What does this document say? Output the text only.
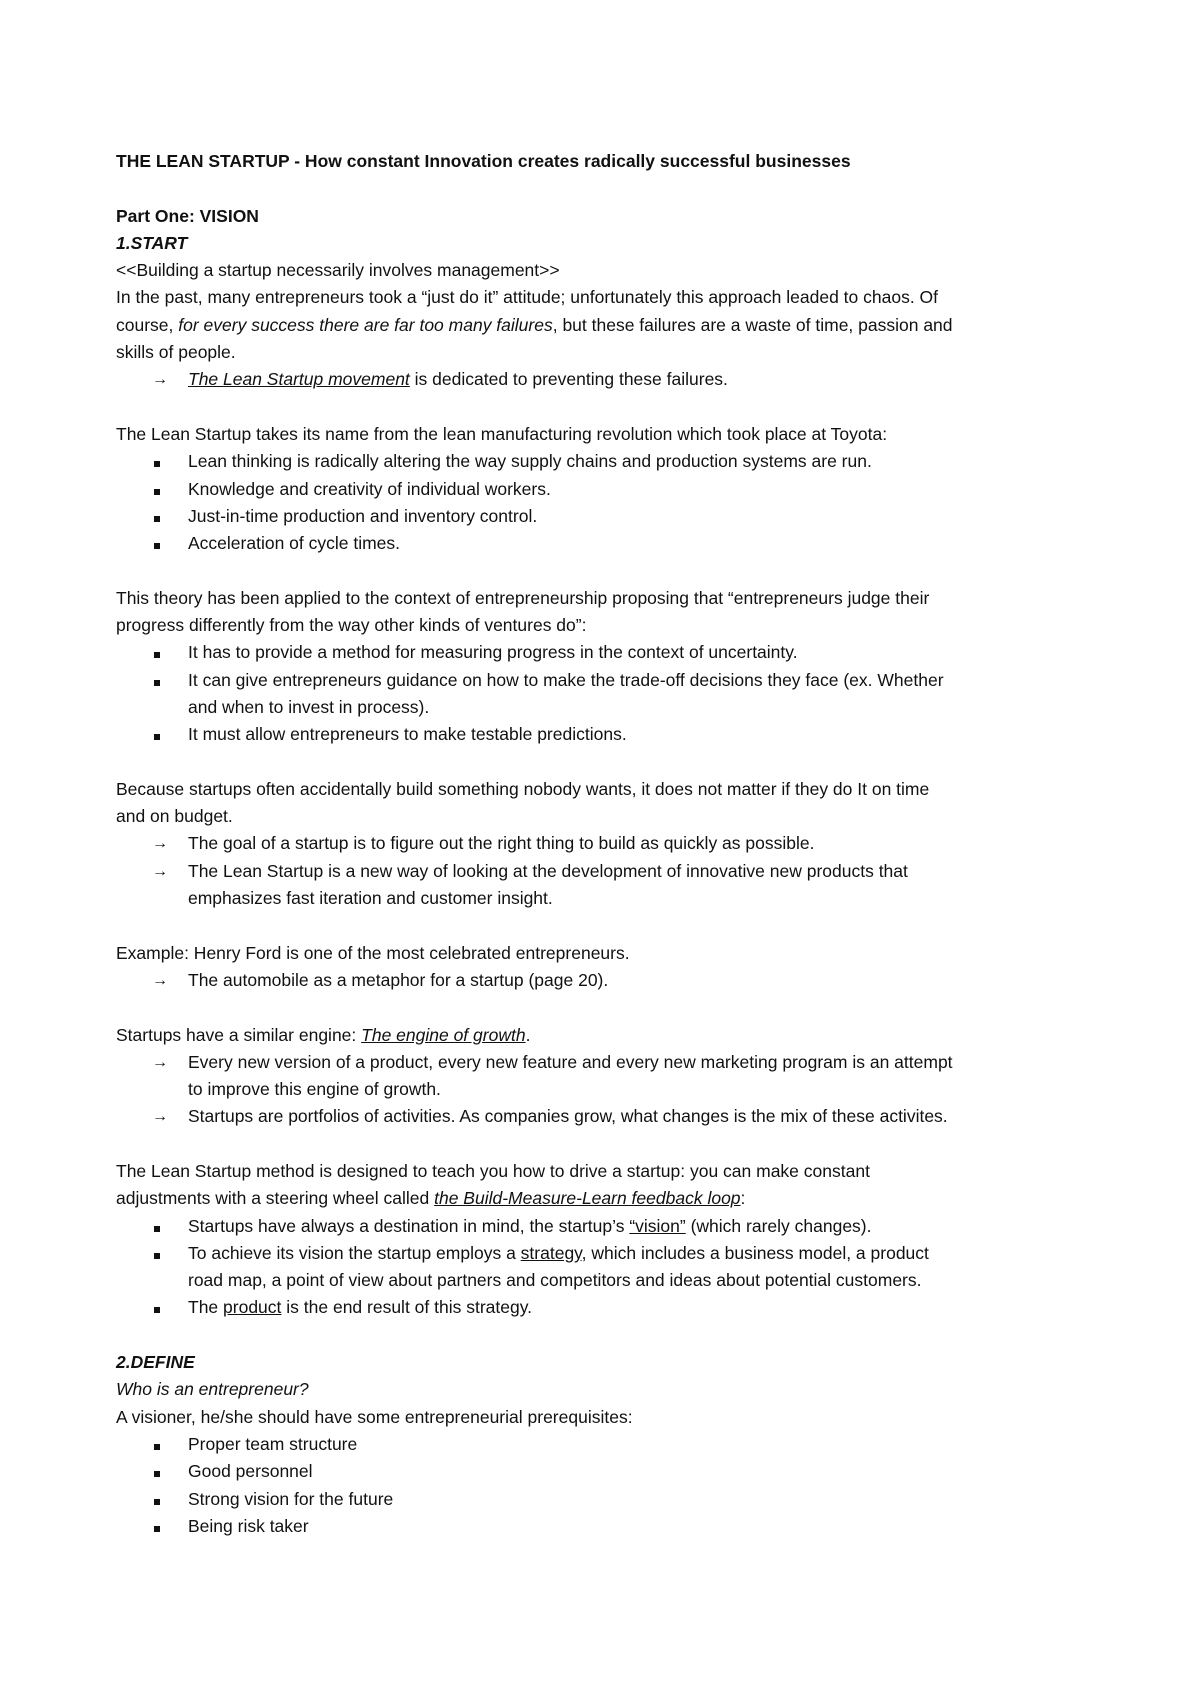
THE LEAN STARTUP - How constant Innovation creates radically successful businesses

Part One: VISION

1.START

<<Building a startup necessarily involves management>>

In the past, many entrepreneurs took a “just do it” attitude; unfortunately this approach leaded to chaos. Of

course, for every success there are far too many failures, but these failures are a waste of time, passion and

skills of people.

→	The Lean Startup movement is dedicated to preventing these failures.

The Lean Startup takes its name from the lean manufacturing revolution which took place at Toyota:

Lean thinking is radically altering the way supply chains and production systems are run.
Knowledge and creativity of individual workers.
Just-in-time production and inventory control.
Acceleration of cycle times.

This theory has been applied to the context of entrepreneurship proposing that “entrepreneurs judge their

progress differently from the way other kinds of ventures do”:

It has to provide a method for measuring progress in the context of uncertainty.
It can give entrepreneurs guidance on how to make the trade-off decisions they face (ex. Whether
and when to invest in process).
It must allow entrepreneurs to make testable predictions.

Because startups often accidentally build something nobody wants, it does not matter if they do It on time

and on budget.

→	The goal of a startup is to figure out the right thing to build as quickly as possible.
→	The Lean Startup is a new way of looking at the development of innovative new products that
emphasizes fast iteration and customer insight.

Example: Henry Ford is one of the most celebrated entrepreneurs.

→	The automobile as a metaphor for a startup (page 20).

Startups have a similar engine: The engine of growth.

→	Every new version of a product, every new feature and every new marketing program is an attempt
to improve this engine of growth.
→	Startups are portfolios of activities. As companies grow, what changes is the mix of these activites.

The Lean Startup method is designed to teach you how to drive a startup: you can make constant

adjustments with a steering wheel called the Build-Measure-Learn feedback loop:

Startups have always a destination in mind, the startup’s “vision” (which rarely changes).
To achieve its vision the startup employs a strategy, which includes a business model, a product
road map, a point of view about partners and competitors and ideas about potential customers.
The product is the end result of this strategy.

2.DEFINE

Who is an entrepreneur?

A visioner, he/she should have some entrepreneurial prerequisites:

Proper team structure
Good personnel
Strong vision for the future
Being risk taker
